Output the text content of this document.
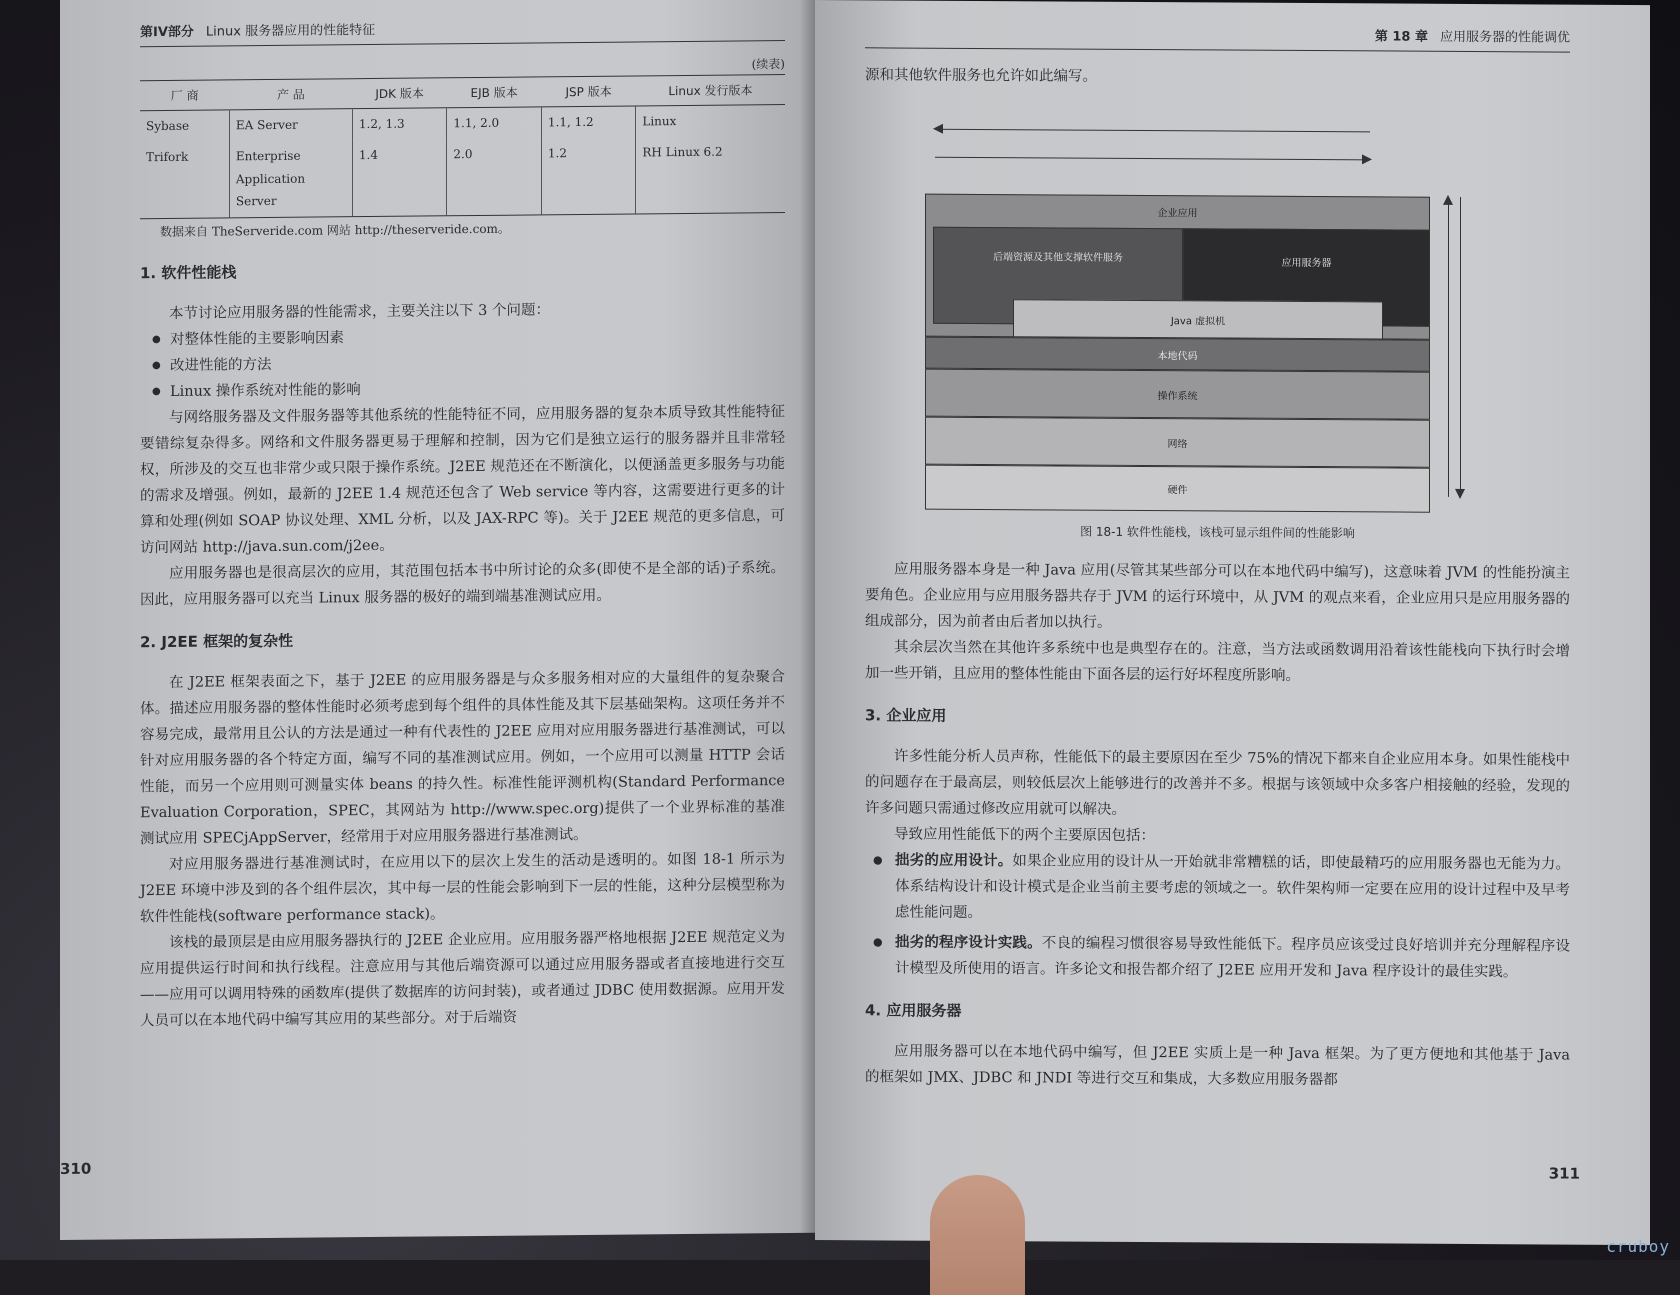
第IV部分 Linux 服务器应用的性能特征
(续表)
厂 商	产 品	JDK 版本	EJB 版本	JSP 版本	Linux 发行版本
Sybase	EA Server	1.2, 1.3	1.1, 2.0	1.1, 1.2	Linux
Trifork	Enterprise Application Server	1.4	2.0	1.2	RH Linux 6.2
数据来自 TheServeride.com 网站 http://theserveride.com。
1. 软件性能栈

本节讨论应用服务器的性能需求，主要关注以下 3 个问题：

● 对整体性能的主要影响因素
● 改进性能的方法
● Linux 操作系统对性能的影响

与网络服务器及文件服务器等其他系统的性能特征不同，应用服务器的复杂本质导致其性能特征要错综复杂得多。网络和文件服务器更易于理解和控制，因为它们是独立运行的服务器并且非常轻权，所涉及的交互也非常少或只限于操作系统。J2EE 规范还在不断演化，以便涵盖更多服务与功能的需求及增强。例如，最新的 J2EE 1.4 规范还包含了 Web service 等内容，这需要进行更多的计算和处理(例如 SOAP 协议处理、XML 分析，以及 JAX-RPC 等)。关于 J2EE 规范的更多信息，可访问网站 http://java.sun.com/j2ee。

应用服务器也是很高层次的应用，其范围包括本书中所讨论的众多(即使不是全部的话)子系统。因此，应用服务器可以充当 Linux 服务器的极好的端到端基准测试应用。

2. J2EE 框架的复杂性

在 J2EE 框架表面之下，基于 J2EE 的应用服务器是与众多服务相对应的大量组件的复杂聚合体。描述应用服务器的整体性能时必须考虑到每个组件的具体性能及其下层基础架构。这项任务并不容易完成，最常用且公认的方法是通过一种有代表性的 J2EE 应用对应用服务器进行基准测试，可以针对应用服务器的各个特定方面，编写不同的基准测试应用。例如，一个应用可以测量 HTTP 会话性能，而另一个应用则可测量实体 beans 的持久性。标准性能评测机构(Standard Performance Evaluation Corporation，SPEC，其网站为 http://www.spec.org)提供了一个业界标准的基准测试应用 SPECjAppServer，经常用于对应用服务器进行基准测试。

对应用服务器进行基准测试时，在应用以下的层次上发生的活动是透明的。如图 18-1 所示为 J2EE 环境中涉及到的各个组件层次，其中每一层的性能会影响到下一层的性能，这种分层模型称为软件性能栈(software performance stack)。

该栈的最顶层是由应用服务器执行的 J2EE 企业应用。应用服务器严格地根据 J2EE 规范定义为应用提供运行时间和执行线程。注意应用与其他后端资源可以通过应用服务器或者直接地进行交互——应用可以调用特殊的函数库(提供了数据库的访问封装)，或者通过 JDBC 使用数据源。应用开发人员可以在本地代码中编写其应用的某些部分。对于后端资

310
第 18 章 应用服务器的性能调优

源和其他软件服务也允许如此编写。

企业应用
后端资源及其他支撑软件服务	应用服务器
Java 虚拟机
本地代码
操作系统
网络
硬件
图 18-1 软件性能栈，该栈可显示组件间的性能影响

应用服务器本身是一种 Java 应用(尽管其某些部分可以在本地代码中编写)，这意味着 JVM 的性能扮演主要角色。企业应用与应用服务器共存于 JVM 的运行环境中，从 JVM 的观点来看，企业应用只是应用服务器的组成部分，因为前者由后者加以执行。

其余层次当然在其他许多系统中也是典型存在的。注意，当方法或函数调用沿着该性能栈向下执行时会增加一些开销，且应用的整体性能由下面各层的运行好坏程度所影响。

3. 企业应用

许多性能分析人员声称，性能低下的最主要原因在至少 75%的情况下都来自企业应用本身。如果性能栈中的问题存在于最高层，则较低层次上能够进行的改善并不多。根据与该领域中众多客户相接触的经验，发现的许多问题只需通过修改应用就可以解决。

导致应用性能低下的两个主要原因包括：

● 拙劣的应用设计。如果企业应用的设计从一开始就非常糟糕的话，即使最精巧的应用服务器也无能为力。体系结构设计和设计模式是企业当前主要考虑的领域之一。软件架构师一定要在应用的设计过程中及早考虑性能问题。
● 拙劣的程序设计实践。不良的编程习惯很容易导致性能低下。程序员应该受过良好培训并充分理解程序设计模型及所使用的语言。许多论文和报告都介绍了 J2EE 应用开发和 Java 程序设计的最佳实践。
4. 应用服务器

应用服务器可以在本地代码中编写，但 J2EE 实质上是一种 Java 框架。为了更方便地和其他基于 Java 的框架如 JMX、JDBC 和 JNDI 等进行交互和集成，大多数应用服务器都

311
cruboy
